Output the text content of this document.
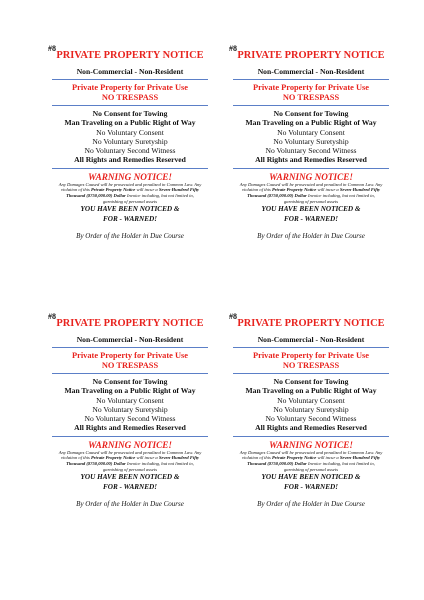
#8
PRIVATE PROPERTY NOTICE
Non-Commercial - Non-Resident
Private Property for Private Use
NO TRESPASS
No Consent for Towing
Man Traveling on a Public Right of Way
No Voluntary Consent
No Voluntary Suretyship
No Voluntary Second Witness
All Rights and Remedies Reserved
WARNING NOTICE!
Any Damages Caused will be prosecuted and penalized in Common Law. Any violation of this Private Property Notice will incur a Seven-Hundred Fifty Thousand ($750,000.00) Dollar Invoice including, but not limited to, garnishing of personal assets
YOU HAVE BEEN NOTICED &
FOR - WARNED!
By Order of the Holder in Due Course
#8
PRIVATE PROPERTY NOTICE
Non-Commercial - Non-Resident
Private Property for Private Use
NO TRESPASS
No Consent for Towing
Man Traveling on a Public Right of Way
No Voluntary Consent
No Voluntary Suretyship
No Voluntary Second Witness
All Rights and Remedies Reserved
WARNING NOTICE!
Any Damages Caused will be prosecuted and penalized in Common Law. Any violation of this Private Property Notice will incur a Seven-Hundred Fifty Thousand ($750,000.00) Dollar Invoice including, but not limited to, garnishing of personal assets
YOU HAVE BEEN NOTICED &
FOR - WARNED!
By Order of the Holder in Due Course
#8
PRIVATE PROPERTY NOTICE
Non-Commercial - Non-Resident
Private Property for Private Use
NO TRESPASS
No Consent for Towing
Man Traveling on a Public Right of Way
No Voluntary Consent
No Voluntary Suretyship
No Voluntary Second Witness
All Rights and Remedies Reserved
WARNING NOTICE!
Any Damages Caused will be prosecuted and penalized in Common Law. Any violation of this Private Property Notice will incur a Seven-Hundred Fifty Thousand ($750,000.00) Dollar Invoice including, but not limited to, garnishing of personal assets
YOU HAVE BEEN NOTICED &
FOR - WARNED!
By Order of the Holder in Due Course
#8
PRIVATE PROPERTY NOTICE
Non-Commercial - Non-Resident
Private Property for Private Use
NO TRESPASS
No Consent for Towing
Man Traveling on a Public Right of Way
No Voluntary Consent
No Voluntary Suretyship
No Voluntary Second Witness
All Rights and Remedies Reserved
WARNING NOTICE!
Any Damages Caused will be prosecuted and penalized in Common Law. Any violation of this Private Property Notice will incur a Seven-Hundred Fifty Thousand ($750,000.00) Dollar Invoice including, but not limited to, garnishing of personal assets
YOU HAVE BEEN NOTICED &
FOR - WARNED!
By Order of the Holder in Due Course
